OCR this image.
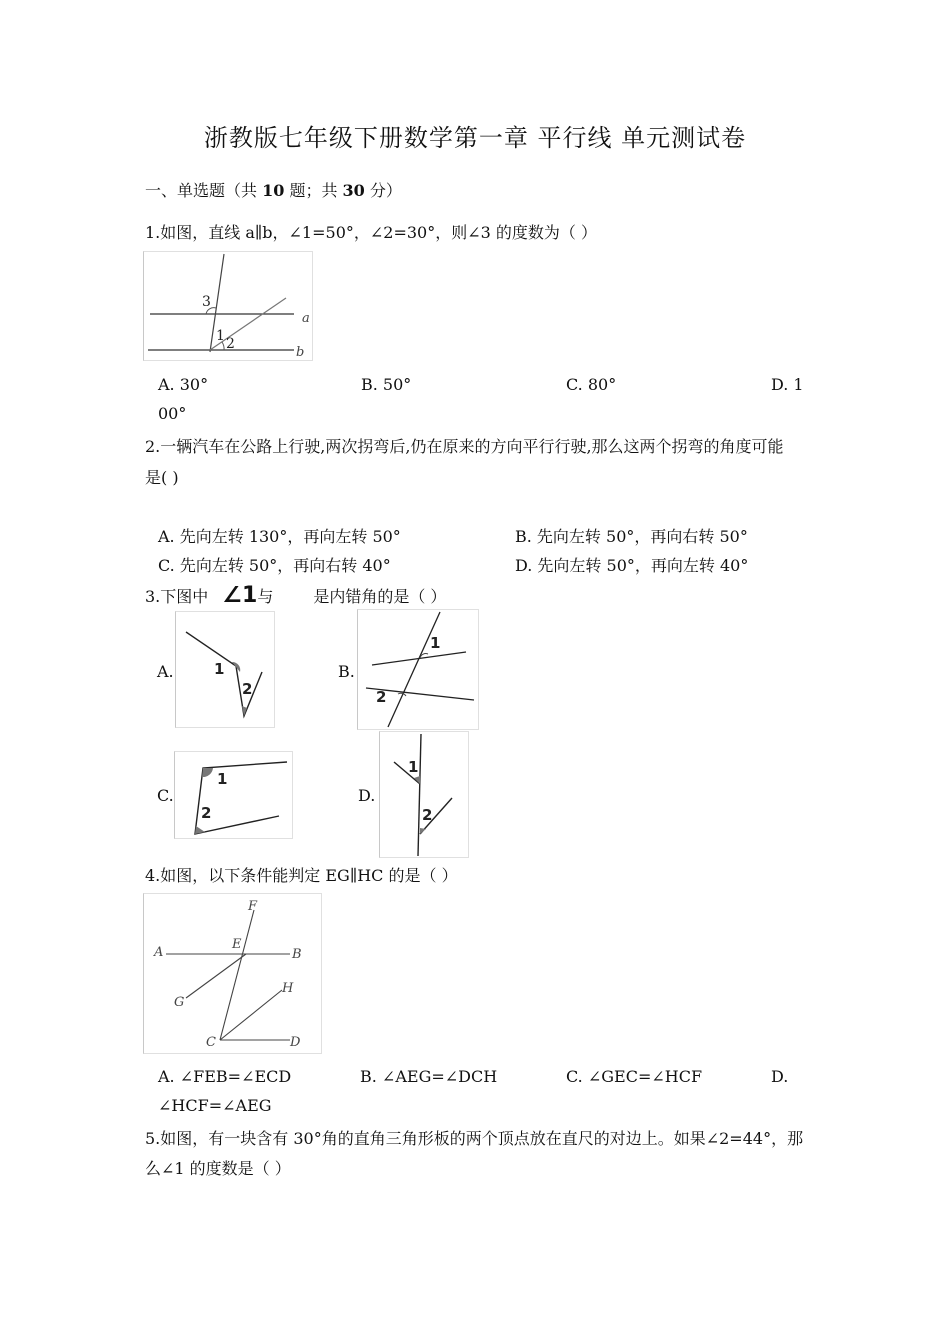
浙教版七年级下册数学第一章 平行线 单元测试卷
一、单选题（共 10 题；共 30 分）
1.如图，直线 a∥b，∠1=50°，∠2=30°，则∠3 的度数为（ ）
a
b
1 2
3
A. 30°	B. 50°	C. 80°	D. 1
00°
2.一辆汽车在公路上行驶,两次拐弯后,仍在原来的方向平行行驶,那么这两个拐弯的角度可能
是( )
A. 先向左转 130°，再向左转 50°	B. 先向左转 50°，再向右转 50°
C. 先向左转 50°，再向右转 40°	D. 先向左转 50°，再向左转 40°
3.下图中 ∠1与	是内错角的是（ ）
A.	1
2
B.
1
2
C.
1
2
D.
1
2
4.如图，以下条件能判定 EG∥HC 的是（ ）
A	B
C	D
E
F
G
H
A. ∠FEB=∠ECD	B. ∠AEG=∠DCH	C. ∠GEC=∠HCF	D.
∠HCF=∠AEG
5.如图，有一块含有 30°角的直角三角形板的两个顶点放在直尺的对边上。如果∠2=44°，那
么∠1 的度数是（ ）
